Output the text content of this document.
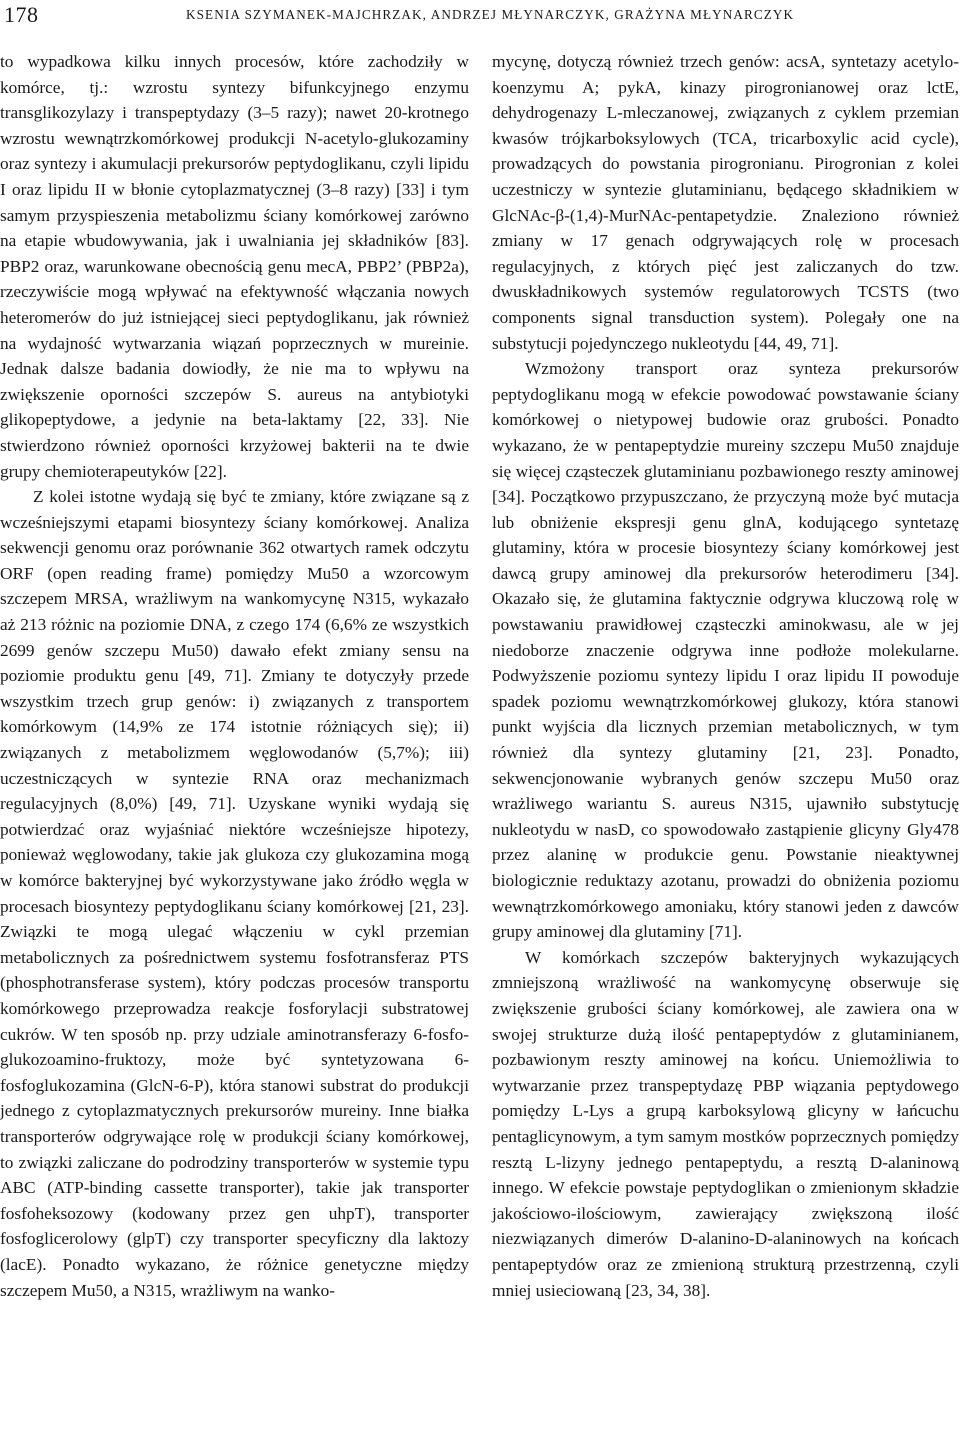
178	KSENIA SZYMANEK-MAJCHRZAK, ANDRZEJ MŁYNARCZYK, GRAŻYNA MŁYNARCZYK

to wypadkowa kilku innych procesów, które zachodziły w komórce, tj.: wzrostu syntezy bifunkcyjnego enzymu transglikozylazy i transpeptydazy (3–5 razy); nawet 20-krotnego wzrostu wewnątrzkomórkowej produkcji N-acetylo-glukozaminy oraz syntezy i akumulacji prekursorów peptydoglikanu, czyli lipidu I oraz lipidu II w błonie cytoplazmatycznej (3–8 razy) [33] i tym samym przyspieszenia metabolizmu ściany komórkowej zarówno na etapie wbudowywania, jak i uwalniania jej składników [83]. PBP2 oraz, warunkowane obecnością genu mecA, PBP2’ (PBP2a), rzeczywiście mogą wpływać na efektywność włączania nowych heteromerów do już istniejącej sieci peptydoglikanu, jak również na wydajność wytwarzania wiązań poprzecznych w mureinie. Jednak dalsze badania dowiodły, że nie ma to wpływu na zwiększenie oporności szczepów S. aureus na antybiotyki glikopeptydowe, a jedynie na beta-laktamy [22, 33]. Nie stwierdzono również oporności krzyżowej bakterii na te dwie grupy chemioterapeutyków [22].

Z kolei istotne wydają się być te zmiany, które związane są z wcześniejszymi etapami biosyntezy ściany komórkowej. Analiza sekwencji genomu oraz porównanie 362 otwartych ramek odczytu ORF (open reading frame) pomiędzy Mu50 a wzorcowym szczepem MRSA, wrażliwym na wankomycynę N315, wykazało aż 213 różnic na poziomie DNA, z czego 174 (6,6% ze wszystkich 2699 genów szczepu Mu50) dawało efekt zmiany sensu na poziomie produktu genu [49, 71]. Zmiany te dotyczyły przede wszystkim trzech grup genów: i) związanych z transportem komórkowym (14,9% ze 174 istotnie różniących się); ii) związanych z metabolizmem węglowodanów (5,7%); iii) uczestniczących w syntezie RNA oraz mechanizmach regulacyjnych (8,0%) [49, 71]. Uzyskane wyniki wydają się potwierdzać oraz wyjaśniać niektóre wcześniejsze hipotezy, ponieważ węglowodany, takie jak glukoza czy glukozamina mogą w komórce bakteryjnej być wykorzystywane jako źródło węgla w procesach biosyntezy peptydoglikanu ściany komórkowej [21, 23]. Związki te mogą ulegać włączeniu w cykl przemian metabolicznych za pośrednictwem systemu fosfotransferaz PTS (phosphotransferase system), który podczas procesów transportu komórkowego przeprowadza reakcje fosforylacji substratowej cukrów. W ten sposób np. przy udziale aminotransferazy 6-fosfo-glukozoamino-fruktozy, może być syntetyzowana 6-fosfoglukozamina (GlcN-6-P), która stanowi substrat do produkcji jednego z cytoplazmatycznych prekursorów mureiny. Inne białka transporterów odgrywające rolę w produkcji ściany komórkowej, to związki zaliczane do podrodziny transporterów w systemie typu ABC (ATP-binding cassette transporter), takie jak transporter fosfoheksozowy (kodowany przez gen uhpT), transporter fosfoglicerolowy (glpT) czy transporter specyficzny dla laktozy (lacE). Ponadto wykazano, że różnice genetyczne między szczepem Mu50, a N315, wrażliwym na wanko-

mycynę, dotyczą również trzech genów: acsA, syntetazy acetylo-koenzymu A; pykA, kinazy pirogronianowej oraz lctE, dehydrogenazy L-mleczanowej, związanych z cyklem przemian kwasów trójkarboksylowych (TCA, tricarboxylic acid cycle), prowadzących do powstania pirogronianu. Pirogronian z kolei uczestniczy w syntezie glutaminianu, będącego składnikiem w GlcNAc-β-(1,4)-MurNAc-pentapetydzie. Znaleziono również zmiany w 17 genach odgrywających rolę w procesach regulacyjnych, z których pięć jest zaliczanych do tzw. dwuskładnikowych systemów regulatorowych TCSTS (two components signal transduction system). Polegały one na substytucji pojedynczego nukleotydu [44, 49, 71].

Wzmożony transport oraz synteza prekursorów peptydoglikanu mogą w efekcie powodować powstawanie ściany komórkowej o nietypowej budowie oraz grubości. Ponadto wykazano, że w pentapeptydzie mureiny szczepu Mu50 znajduje się więcej cząsteczek glutaminianu pozbawionego reszty aminowej [34]. Początkowo przypuszczano, że przyczyną może być mutacja lub obniżenie ekspresji genu glnA, kodującego syntetazę glutaminy, która w procesie biosyntezy ściany komórkowej jest dawcą grupy aminowej dla prekursorów heterodimeru [34]. Okazało się, że glutamina faktycznie odgrywa kluczową rolę w powstawaniu prawidłowej cząsteczki aminokwasu, ale w jej niedoborze znaczenie odgrywa inne podłoże molekularne. Podwyższenie poziomu syntezy lipidu I oraz lipidu II powoduje spadek poziomu wewnątrzkomórkowej glukozy, która stanowi punkt wyjścia dla licznych przemian metabolicznych, w tym również dla syntezy glutaminy [21, 23]. Ponadto, sekwencjonowanie wybranych genów szczepu Mu50 oraz wrażliwego wariantu S. aureus N315, ujawniło substytucję nukleotydu w nasD, co spowodowało zastąpienie glicyny Gly478 przez alaninę w produkcie genu. Powstanie nieaktywnej biologicznie reduktazy azotanu, prowadzi do obniżenia poziomu wewnątrzkomórkowego amoniaku, który stanowi jeden z dawców grupy aminowej dla glutaminy [71].

W komórkach szczepów bakteryjnych wykazujących zmniejszoną wrażliwość na wankomycynę obserwuje się zwiększenie grubości ściany komórkowej, ale zawiera ona w swojej strukturze dużą ilość pentapeptydów z glutaminianem, pozbawionym reszty aminowej na końcu. Uniemożliwia to wytwarzanie przez transpeptydazę PBP wiązania peptydowego pomiędzy L-Lys a grupą karboksylową glicyny w łańcuchu pentaglicynowym, a tym samym mostków poprzecznych pomiędzy resztą L-lizyny jednego pentapeptydu, a resztą D-alaninową innego. W efekcie powstaje peptydoglikan o zmienionym składzie jakościowo-ilościowym, zawierający zwiększoną ilość niezwiązanych dimerów D-alanino-D-alaninowych na końcach pentapeptydów oraz ze zmienioną strukturą przestrzenną, czyli mniej usieciowaną [23, 34, 38].
